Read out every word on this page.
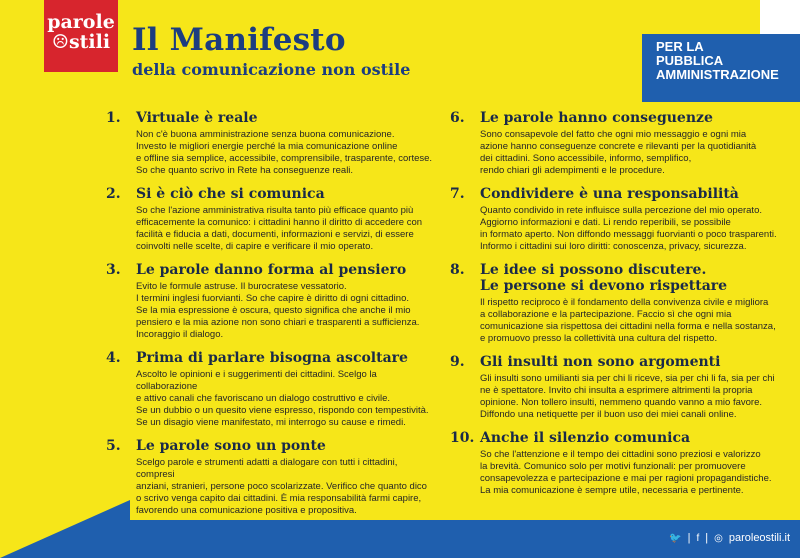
parole
☹stili Il Manifesto
della comunicazione non ostile
PER LA
PUBBLICA
AMMINISTRAZIONE
1.	Virtuale è reale
Non c'è buona amministrazione senza buona comunicazione.
Investo le migliori energie perché la mia comunicazione online
e offline sia semplice, accessibile, comprensibile, trasparente, cortese.
So che quanto scrivo in Rete ha conseguenze reali.
2.	Si è ciò che si comunica
So che l'azione amministrativa risulta tanto più efficace quanto più
efficacemente la comunico: i cittadini hanno il diritto di accedere con
facilità e fiducia a dati, documenti, informazioni e servizi, di essere
coinvolti nelle scelte, di capire e verificare il mio operato.
3.	Le parole danno forma al pensiero
Evito le formule astruse. Il burocratese vessatorio.
I termini inglesi fuorvianti. So che capire è diritto di ogni cittadino.
Se la mia espressione è oscura, questo significa che anche il mio
pensiero e la mia azione non sono chiari e trasparenti a sufficienza.
Incoraggio il dialogo.
4.	Prima di parlare bisogna ascoltare
Ascolto le opinioni e i suggerimenti dei cittadini. Scelgo la collaborazione
e attivo canali che favoriscano un dialogo costruttivo e civile.
Se un dubbio o un quesito viene espresso, rispondo con tempestività.
Se un disagio viene manifestato, mi interrogo su cause e rimedi.
5.	Le parole sono un ponte
Scelgo parole e strumenti adatti a dialogare con tutti i cittadini, compresi
anziani, stranieri, persone poco scolarizzate. Verifico che quanto dico
o scrivo venga capito dai cittadini. È mia responsabilità farmi capire,
favorendo una comunicazione positiva e propositiva.
6.	Le parole hanno conseguenze
Sono consapevole del fatto che ogni mio messaggio e ogni mia
azione hanno conseguenze concrete e rilevanti per la quotidianità
dei cittadini. Sono accessibile, informo, semplifico,
rendo chiari gli adempimenti e le procedure.
7.	Condividere è una responsabilità
Quanto condivido in rete influisce sulla percezione del mio operato.
Aggiorno informazioni e dati. Li rendo reperibili, se possibile
in formato aperto. Non diffondo messaggi fuorvianti o poco trasparenti.
Informo i cittadini sui loro diritti: conoscenza, privacy, sicurezza.
8.	Le idee si possono discutere.
Le persone si devono rispettare
Il rispetto reciproco è il fondamento della convivenza civile e migliora
a collaborazione e la partecipazione. Faccio sì che ogni mia
comunicazione sia rispettosa dei cittadini nella forma e nella sostanza,
e promuovo presso la collettività una cultura del rispetto.
9.	Gli insulti non sono argomenti
Gli insulti sono umilianti sia per chi li riceve, sia per chi li fa, sia per chi
ne è spettatore. Invito chi insulta a esprimere altrimenti la propria
opinione. Non tollero insulti, nemmeno quando vanno a mio favore.
Diffondo una netiquette per il buon uso dei miei canali online.
10. Anche il silenzio comunica
So che l'attenzione e il tempo dei cittadini sono preziosi e valorizzo
la brevità. Comunico solo per motivi funzionali: per promuovere
consapevolezza e partecipazione e mai per ragioni propagandistiche.
La mia comunicazione è sempre utile, necessaria e pertinente.
🐦 | f | ◎ paroleostili.it
